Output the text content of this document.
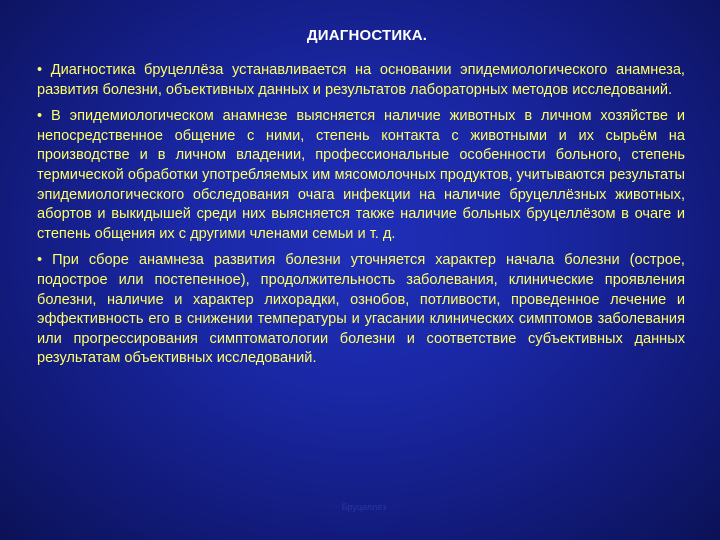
ДИАГНОСТИКА.

• Диагностика бруцеллёза устанавливается на основании эпидемиологического анамнеза, развития болезни, объективных данных и результатов лабораторных методов исследований.

• В эпидемиологическом анамнезе выясняется наличие животных в личном хозяйстве и непосредственное общение с ними, степень контакта с животными и их сырьём на производстве и в личном владении, профессиональные особенности больного, степень термической обработки употребляемых им мясомолочных продуктов, учитываются результаты эпидемиологического обследования очага инфекции на наличие бруцеллёзных животных, абортов и выкидышей среди них выясняется также наличие больных бруцеллёзом в очаге и степень общения их с другими членами семьи и т. д.

• При сборе анамнеза развития болезни уточняется характер начала болезни (острое, подострое или постепенное), продолжительность заболевания, клинические проявления болезни, наличие и характер лихорадки, ознобов, потливости, проведенное лечение и эффективность его в снижении температуры и угасании клинических симптомов заболевания или прогрессирования симптоматологии болезни и соответствие субъективных данных результатам объективных исследований.

Бруцеллёз
